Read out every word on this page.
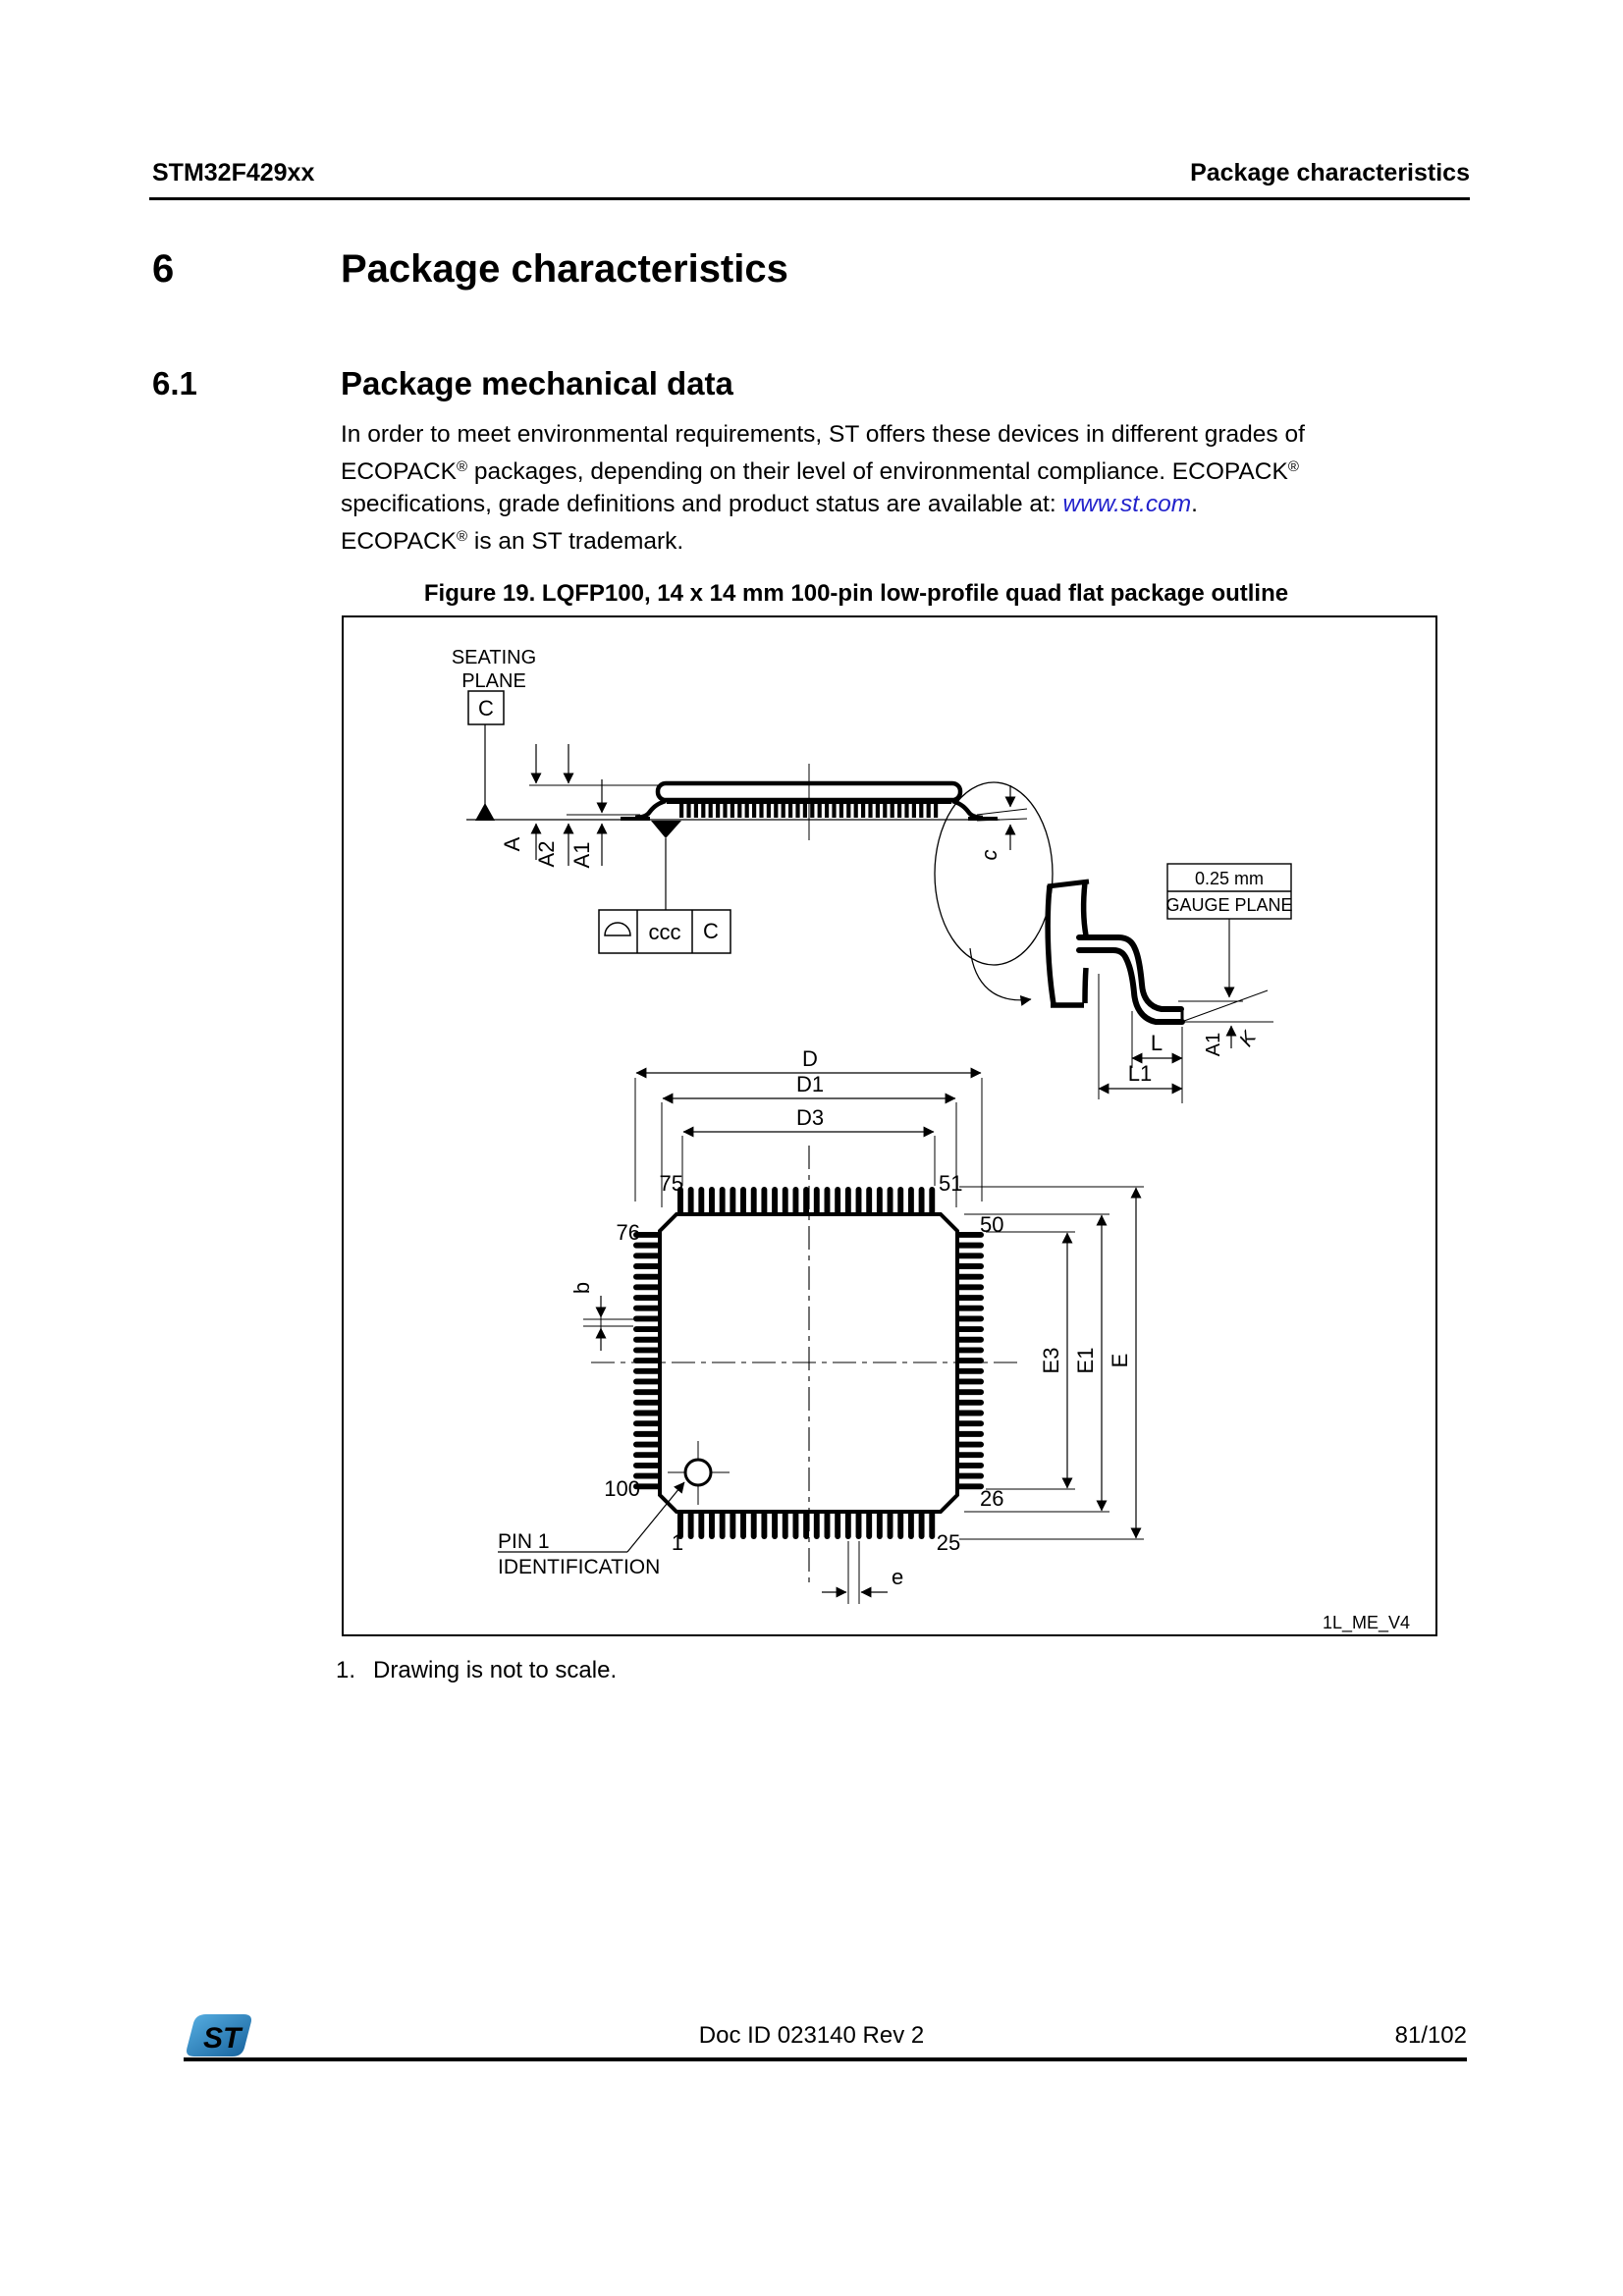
STM32F429xx	Package characteristics
6	Package characteristics
6.1	Package mechanical data
In order to meet environmental requirements, ST offers these devices in different grades of
ECOPACK® packages, depending on their level of environmental compliance. ECOPACK®
specifications, grade definitions and product status are available at: www.st.com.
ECOPACK® is an ST trademark.
Figure 19. LQFP100, 14 x 14 mm 100-pin low-profile quad flat package outline
SEATING
PLANE
C
A A2 A1
ccc C
c
0.25 mm
GAUGE PLANE
A1 K
L
L1
D
D1
D3
E
E1
E3
b
e
75	51
76	50
100	26
1	25
PIN 1
IDENTIFICATION
1L_ME_V4
1. Drawing is not to scale.
ST	Doc ID 023140 Rev 2	81/102
